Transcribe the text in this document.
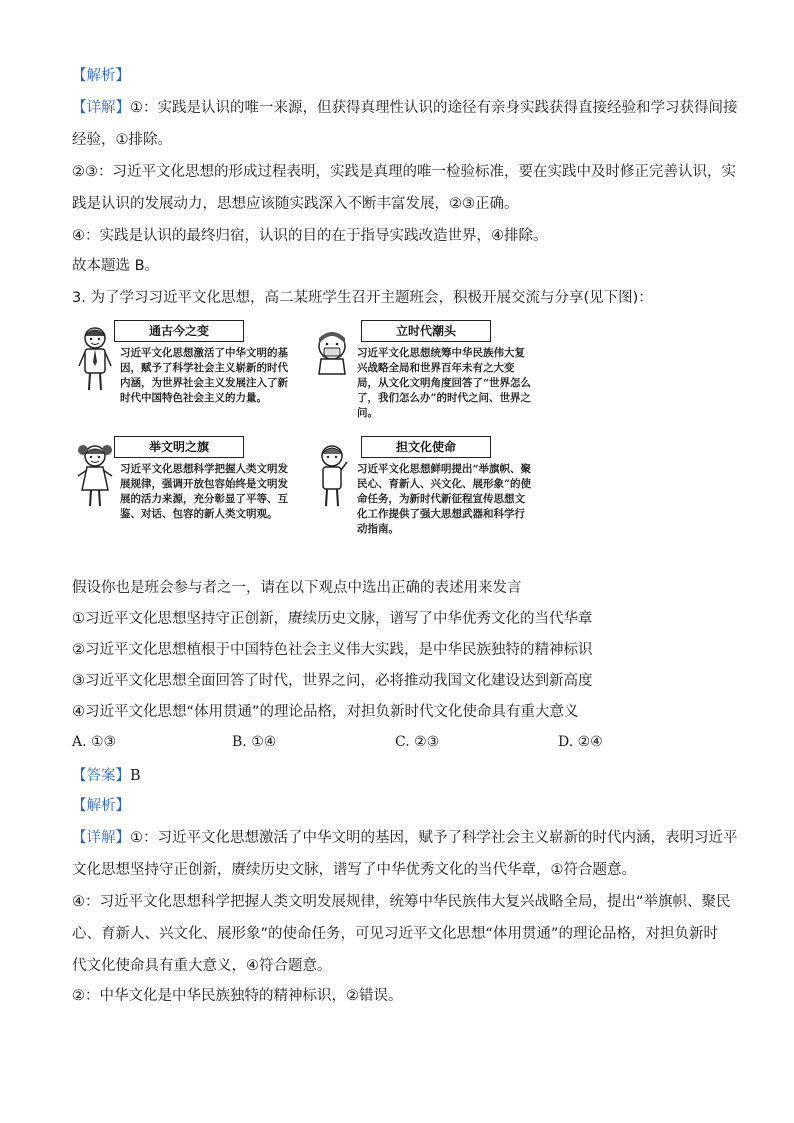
【解析】
【详解】①：实践是认识的唯一来源，但获得真理性认识的途径有亲身实践获得直接经验和学习获得间接
经验，①排除。
②③：习近平文化思想的形成过程表明，实践是真理的唯一检验标准，要在实践中及时修正完善认识，实
践是认识的发展动力，思想应该随实践深入不断丰富发展，②③正确。
④：实践是认识的最终归宿，认识的目的在于指导实践改造世界，④排除。
故本题选 B。
3. 为了学习习近平文化思想，高二某班学生召开主题班会，积极开展交流与分享(见下图)：
通古今之变
习近平文化思想激活了中华文明的基因，赋予了科学社会主义崭新的时代内涵，为世界社会主义发展注入了新时代中国特色社会主义的力量。
立时代潮头
习近平文化思想统筹中华民族伟大复兴战略全局和世界百年未有之大变局，从文化文明角度回答了“世界怎么了，我们怎么办”的时代之问、世界之问。
举文明之旗
习近平文化思想科学把握人类文明发展规律，强调开放包容始终是文明发展的活力来源，充分彰显了平等、互鉴、对话、包容的新人类文明观。
担文化使命
习近平文化思想鲜明提出“举旗帜、聚民心、育新人、兴文化、展形象”的使命任务，为新时代新征程宣传思想文化工作提供了强大思想武器和科学行动指南。
假设你也是班会参与者之一，请在以下观点中选出正确的表述用来发言
①习近平文化思想坚持守正创新，赓续历史文脉，谱写了中华优秀文化的当代华章
②习近平文化思想植根于中国特色社会主义伟大实践，是中华民族独特的精神标识
③习近平文化思想全面回答了时代，世界之问，必将推动我国文化建设达到新高度
④习近平文化思想“体用贯通”的理论品格，对担负新时代文化使命具有重大意义
A. ①③	B. ①④	C. ②③	D. ②④
【答案】B
【解析】
【详解】①：习近平文化思想激活了中华文明的基因，赋予了科学社会主义崭新的时代内涵，表明习近平
文化思想坚持守正创新，赓续历史文脉，谱写了中华优秀文化的当代华章，①符合题意。
④：习近平文化思想科学把握人类文明发展规律，统筹中华民族伟大复兴战略全局，提出“举旗帜、聚民
心、育新人、兴文化、展形象”的使命任务，可见习近平文化思想“体用贯通”的理论品格，对担负新时
代文化使命具有重大意义，④符合题意。
②：中华文化是中华民族独特的精神标识，②错误。
